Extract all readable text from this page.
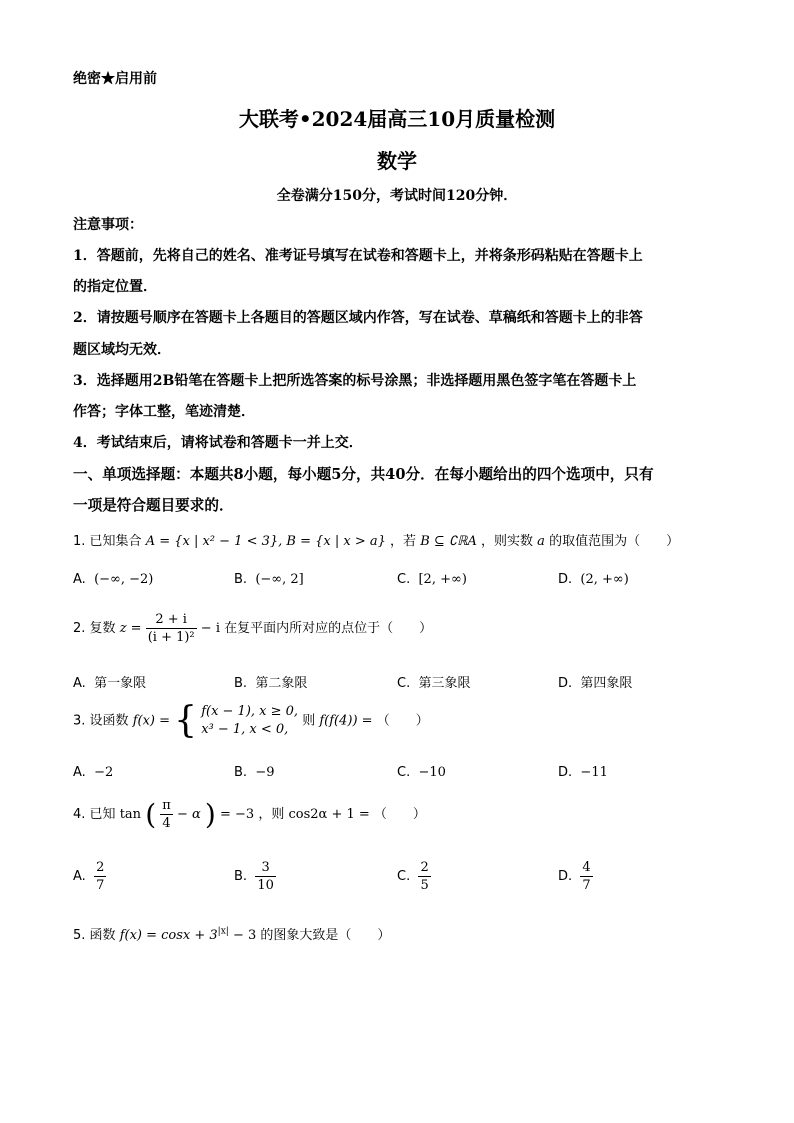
绝密★启用前
大联考•2024届高三10月质量检测
数学
全卷满分150分，考试时间120分钟．
注意事项：
1．答题前，先将自己的姓名、准考证号填写在试卷和答题卡上，并将条形码粘贴在答题卡上
的指定位置．
2．请按题号顺序在答题卡上各题目的答题区域内作答，写在试卷、草稿纸和答题卡上的非答
题区域均无效．
3．选择题用2B铅笔在答题卡上把所选答案的标号涂黑；非选择题用黑色签字笔在答题卡上
作答；字体工整，笔迹清楚．
4．考试结束后，请将试卷和答题卡一并上交．
一、单项选择题：本题共8小题，每小题5分，共40分．在每小题给出的四个选项中，只有
一项是符合题目要求的．
1. 已知集合 A = {x | x² − 1 < 3}, B = {x | x > a} ，若 B ⊆ ∁ℝA ，则实数 a 的取值范围为（　　）
A. (−∞, −2)	B. (−∞, 2]	C. [2, +∞)	D. (2, +∞)
2. 复数 $z = \frac{2 + i}{\text{(i + 1)²}} - i$ 在复平面内所对应的点位于（　　）
A. 第一象限	B. 第二象限	C. 第三象限	D. 第四象限
3. 设函数 f(x) = { f(x − 1), x ≥ 0,
x³ − 1, x < 0,
则 f(f(4)) = （　　）
A. −2	B. −9	C. −10	D. −11
4. 已知 tan ( $\frac{\pi}{4} - \alpha$ ) = −3 ，则 cos2α + 1 = （　　）
A. $\frac{2}{7}$	B. $\frac{3}{10}$	C. $\frac{2}{5}$	D. $\frac{4}{7}$
5. 函数 $f(x) = \cos x + 3^{|x|} - 3$ 的图象大致是（　　）
